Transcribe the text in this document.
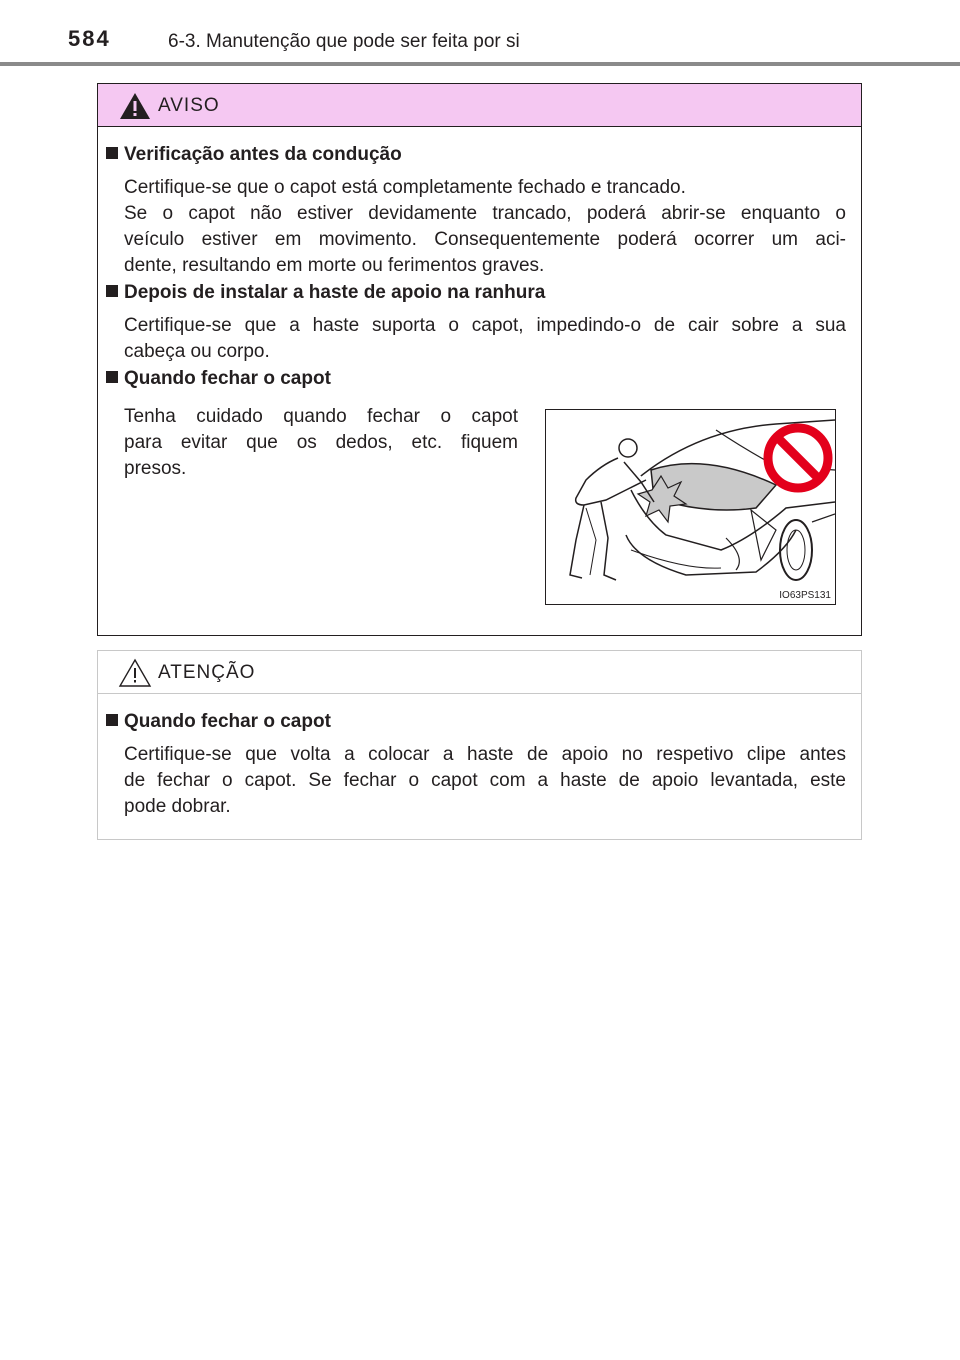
584	6-3. Manutenção que pode ser feita por si
AVISO
Verificação antes da condução
Certifique-se que o capot está completamente fechado e trancado.
Se o capot não estiver devidamente trancado, poderá abrir-se enquanto o
veículo estiver em movimento. Consequentemente poderá ocorrer um aci-
dente, resultando em morte ou ferimentos graves.
Depois de instalar a haste de apoio na ranhura
Certifique-se que a haste suporta o capot, impedindo-o de cair sobre a sua
cabeça ou corpo.
Quando fechar o capot
Tenha cuidado quando fechar o capot
para evitar que os dedos, etc. fiquem
presos.
IO63PS131
ATENÇÃO
Quando fechar o capot
Certifique-se que volta a colocar a haste de apoio no respetivo clipe antes
de fechar o capot. Se fechar o capot com a haste de apoio levantada, este
pode dobrar.
